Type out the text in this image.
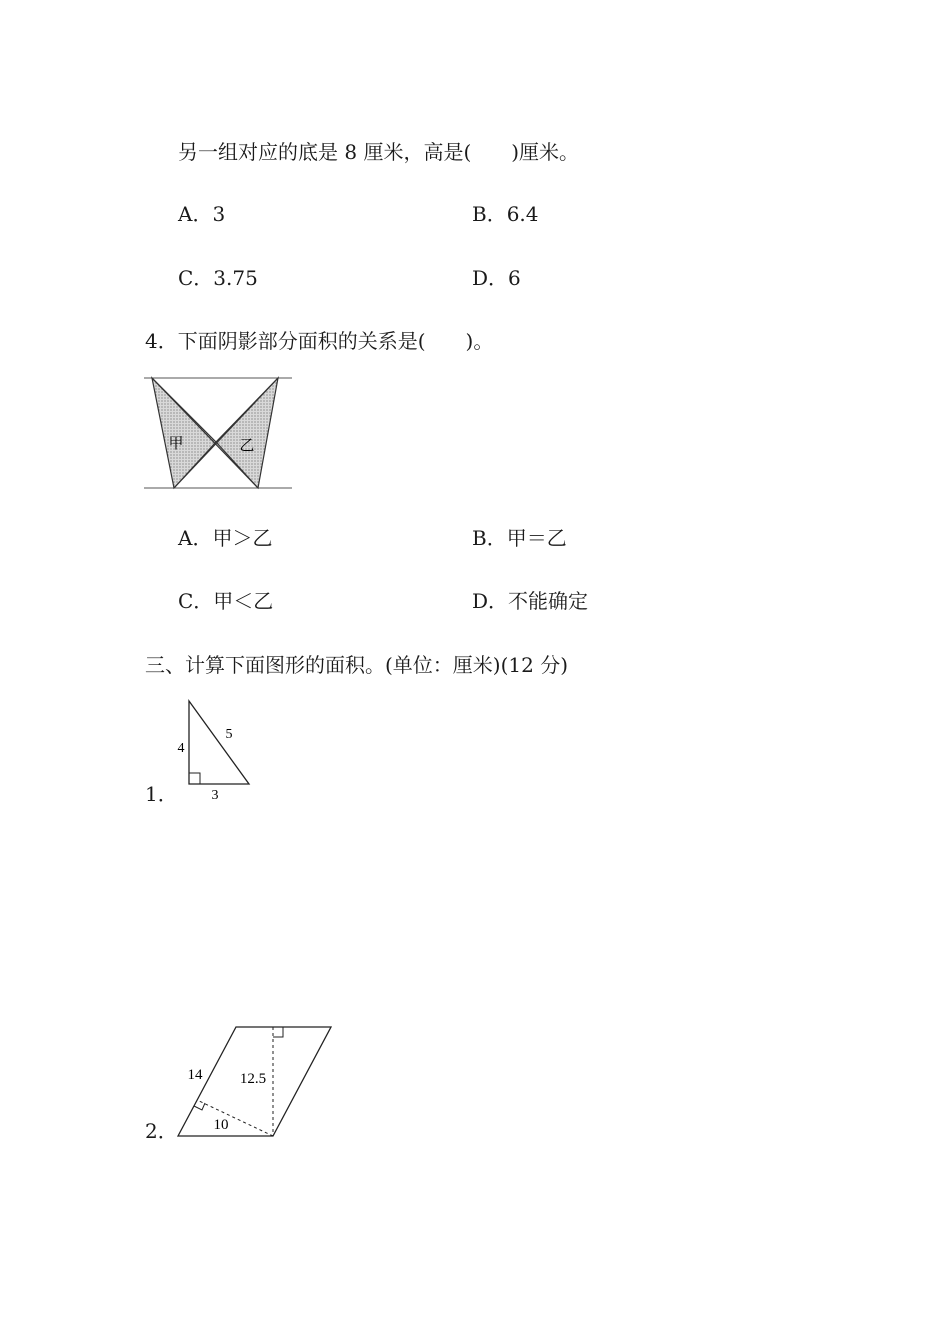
另一组对应的底是 8 厘米，高是(　　)厘米。
A．3	B．6.4
C．3.75	D．6
4．下面阴影部分面积的关系是(　　)。
甲	乙
A．甲＞乙	B．甲＝乙
C．甲＜乙	D．不能确定
三、计算下面图形的面积。(单位：厘米)(12 分)
1．
4
5
3
2．
14 12.5
10
